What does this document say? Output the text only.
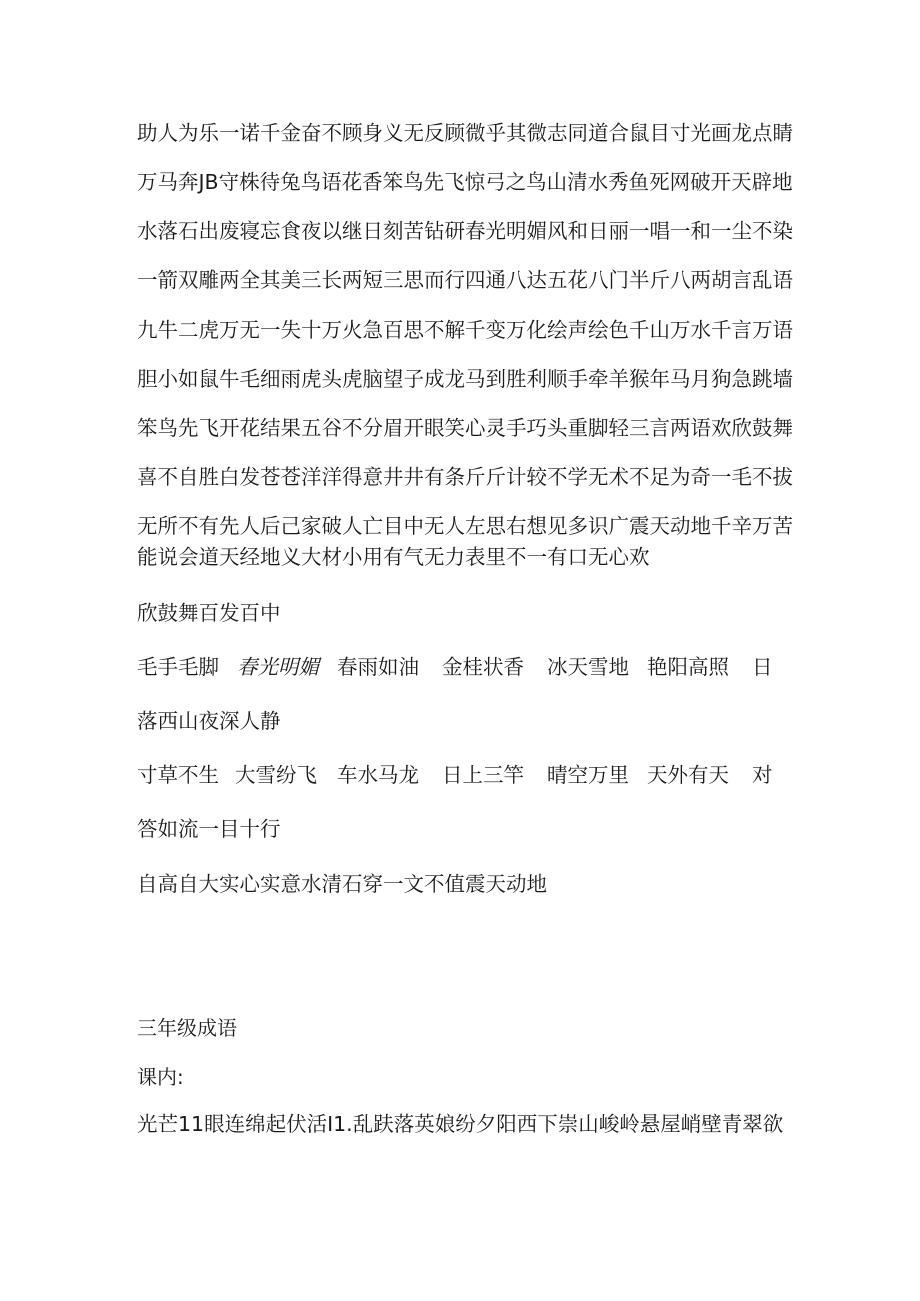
助人为乐一诺千金奋不顾身义无反顾微乎其微志同道合鼠目寸光画龙点睛
万马奔JB守株待兔鸟语花香笨鸟先飞惊弓之鸟山清水秀鱼死网破开天辟地
水落石出废寝忘食夜以继日刻苦钻研春光明媚风和日丽一唱一和一尘不染
一箭双雕两全其美三长两短三思而行四通八达五花八门半斤八两胡言乱语
九牛二虎万无一失十万火急百思不解千变万化绘声绘色千山万水千言万语
胆小如鼠牛毛细雨虎头虎脑望子成龙马到胜利顺手牵羊猴年马月狗急跳墙
笨鸟先飞开花结果五谷不分眉开眼笑心灵手巧头重脚轻三言两语欢欣鼓舞
喜不自胜白发苍苍洋洋得意井井有条斤斤计较不学无术不足为奇一毛不拔
无所不有先人后己家破人亡目中无人左思右想见多识广震天动地千辛万苦
能说会道天经地义大材小用有气无力表里不一有口无心欢
欣鼓舞百发百中
毛手毛脚 春光明媚 春雨如油 金桂状香 冰天雪地 艳阳高照 日
落西山夜深人静
寸草不生 大雪纷飞 车水马龙 日上三竿 晴空万里 天外有天 对
答如流一目十行
自高自大实心实意水清石穿一文不值震天动地
三年级成语
课内:
光芒11眼连绵起伏活I1.乱趺落英娘纷夕阳西下崇山峻岭悬屋峭壁青翠欲
